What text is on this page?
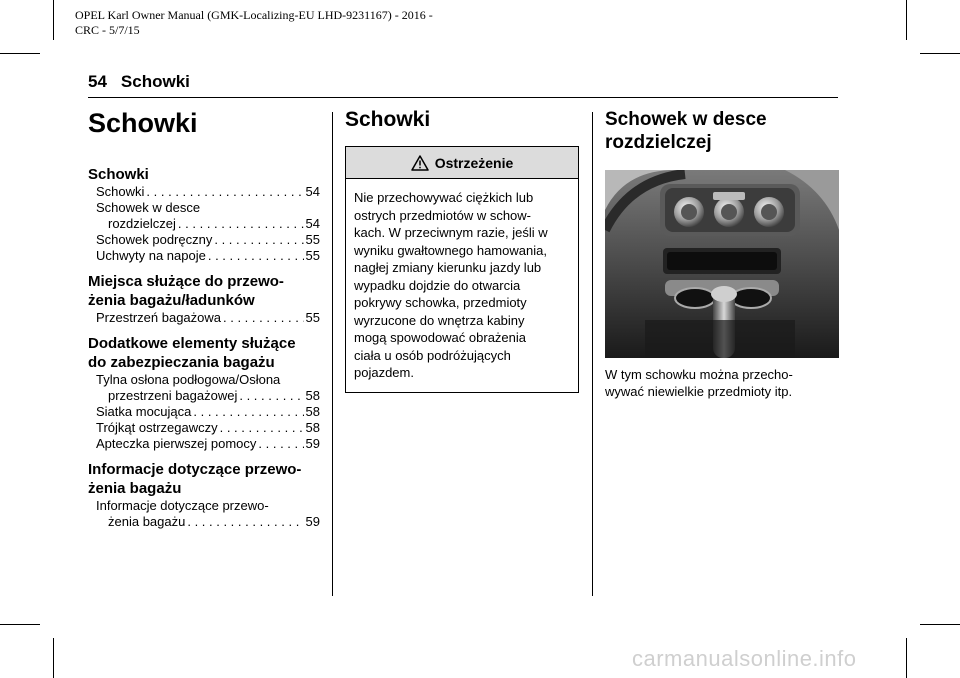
OPEL Karl Owner Manual (GMK-Localizing-EU LHD-9231167) - 2016 -
CRC - 5/7/15
54 Schowki
Schowki
Schowki
Schowki . . .	54
Schowek w desce
rozdzielczej . . .	54
Schowek podręczny . . .	55
Uchwyty na napoje . . .	55
Miejsca służące do przewo-
żenia bagażu/ładunków
Przestrzeń bagażowa . . .	55
Dodatkowe elementy służące
do zabezpieczania bagażu
Tylna osłona podłogowa/Osłona
przestrzeni bagażowej . . .	58
Siatka mocująca . . .	58
Trójkąt ostrzegawczy . . .	58
Apteczka pierwszej pomocy . . .	59
Informacje dotyczące przewo-
żenia bagażu
Informacje dotyczące przewo-
żenia bagażu . . .	59
Schowki
Ostrzeżenie
Nie przechowywać ciężkich lub
ostrych przedmiotów w schow-
kach. W przeciwnym razie, jeśli w
wyniku gwałtownego hamowania,
nagłej zmiany kierunku jazdy lub
wypadku dojdzie do otwarcia
pokrywy schowka, przedmioty
wyrzucone do wnętrza kabiny
mogą spowodować obrażenia
ciała u osób podróżujących
pojazdem.
Schowek w desce
rozdzielczej
W tym schowku można przecho-
wywać niewielkie przedmioty itp.
carmanualsonline.info
